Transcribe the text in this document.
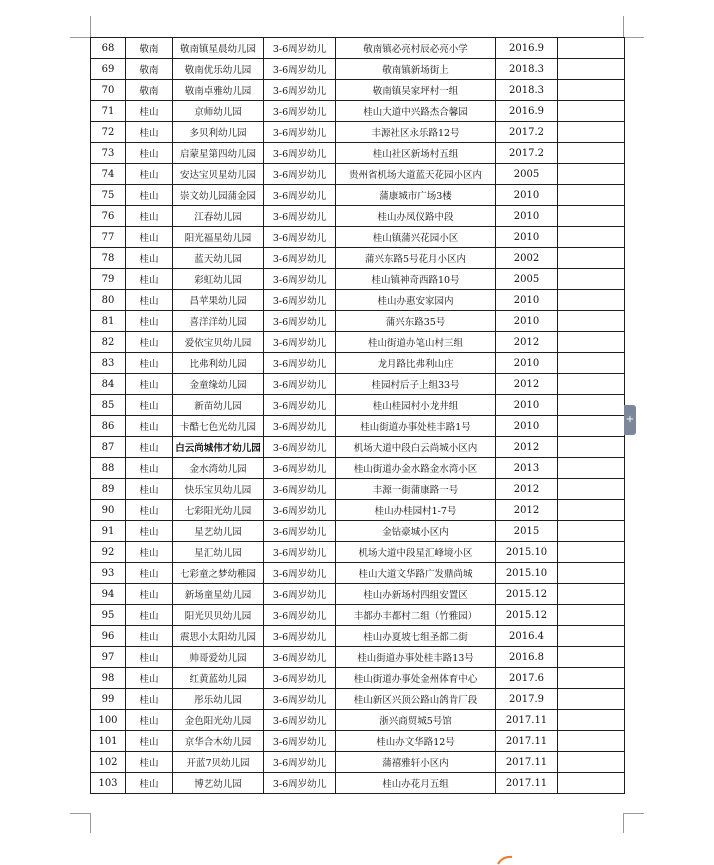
68	敬南	敬南镇星晨幼儿园	3-6周岁幼儿	敬南镇必亮村辰必亮小学	2016.9	
69	敬南	敬南优乐幼儿园	3-6周岁幼儿	敬南镇新场街上	2018.3	
70	敬南	敬南卓雅幼儿园	3-6周岁幼儿	敬南镇吴家坪村一组	2018.3	
71	桂山	京师幼儿园	3-6周岁幼儿	桂山大道中兴路杰合馨园	2016.9	
72	桂山	多贝利幼儿园	3-6周岁幼儿	丰源社区永乐路12号	2017.2	
73	桂山	启蒙星第四幼儿园	3-6周岁幼儿	桂山社区新场村五组	2017.2	
74	桂山	安达宝贝星幼儿园	3-6周岁幼儿	贵州省机场大道蓝天花园小区内	2005	
75	桂山	崇文幼儿园蒲金园	3-6周岁幼儿	蒲康城市广场3楼	2010	
76	桂山	江春幼儿园	3-6周岁幼儿	桂山办凤仪路中段	2010	
77	桂山	阳光福星幼儿园	3-6周岁幼儿	桂山镇蒲兴花园小区	2010	
78	桂山	蓝天幼儿园	3-6周岁幼儿	蒲兴东路5号花月小区内	2002	
79	桂山	彩虹幼儿园	3-6周岁幼儿	桂山镇神奇西路10号	2005	
80	桂山	昌苹果幼儿园	3-6周岁幼儿	桂山办惠安家园内	2010	
81	桂山	喜洋洋幼儿园	3-6周岁幼儿	蒲兴东路35号	2010	
82	桂山	爱依宝贝幼儿园	3-6周岁幼儿	桂山街道办笔山村三组	2012	
83	桂山	比弗利幼儿园	3-6周岁幼儿	龙月路比弗利山庄	2010	
84	桂山	金童缘幼儿园	3-6周岁幼儿	桂园村后子上组33号	2012	
85	桂山	新苗幼儿园	3-6周岁幼儿	桂山桂园村小龙井组	2010	
86	桂山	卡酷七色光幼儿园	3-6周岁幼儿	桂山街道办事处桂丰路1号	2010	
87	桂山	白云尚城伟才幼儿园	3-6周岁幼儿	机场大道中段白云尚城小区内	2012	
88	桂山	金水湾幼儿园	3-6周岁幼儿	桂山街道办金水路金水湾小区	2013	
89	桂山	快乐宝贝幼儿园	3-6周岁幼儿	丰源一街蒲康路一号	2012	
90	桂山	七彩阳光幼儿园	3-6周岁幼儿	桂山办桂园村1-7号	2012	
91	桂山	星艺幼儿园	3-6周岁幼儿	金钻豪城小区内	2015	
92	桂山	星汇幼儿园	3-6周岁幼儿	机场大道中段星汇峰境小区	2015.10	
93	桂山	七彩童之梦幼稚园	3-6周岁幼儿	桂山大道文华路广发鼎尚城	2015.10	
94	桂山	新场童星幼儿园	3-6周岁幼儿	桂山办新场村四组安置区	2015.12	
95	桂山	阳光贝贝幼儿园	3-6周岁幼儿	丰都办丰都村二组（竹雅园）	2015.12	
96	桂山	震思小太阳幼儿园	3-6周岁幼儿	桂山办夏坡七组圣都二街	2016.4	
97	桂山	帅哥爱幼儿园	3-6周岁幼儿	桂山街道办事处桂丰路13号	2016.8	
98	桂山	红黄蓝幼儿园	3-6周岁幼儿	桂山街道办事处金州体育中心	2017.6	
99	桂山	彤乐幼儿园	3-6周岁幼儿	桂山新区兴顶公路山鸽肯厂段	2017.9	
100	桂山	金色阳光幼儿园	3-6周岁幼儿	浙兴商贸城5号馆	2017.11	
101	桂山	京华合木幼儿园	3-6周岁幼儿	桂山办文华路12号	2017.11	
102	桂山	开蓝7贝幼儿园	3-6周岁幼儿	蒲禧雅轩小区内	2017.11	
103	桂山	博艺幼儿园	3-6周岁幼儿	桂山办花月五组	2017.11	
+
